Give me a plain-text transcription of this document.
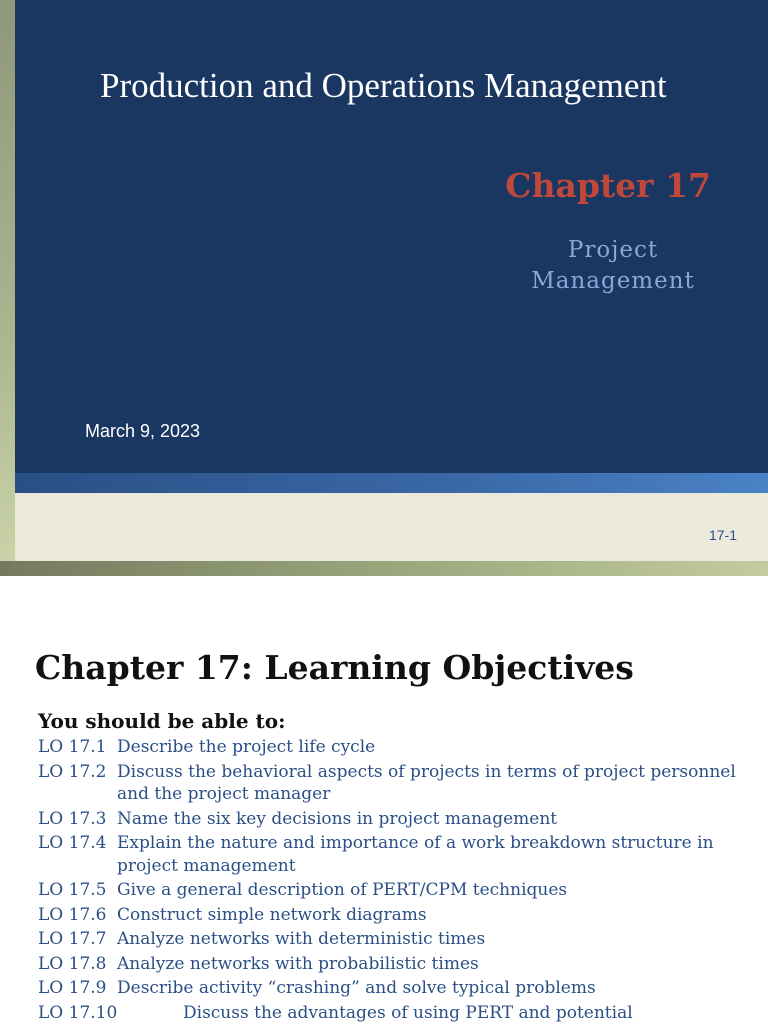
Production and Operations Management
Chapter 17
Project
Management
March 9, 2023
17-1
Chapter 17: Learning Objectives
You should be able to:
LO 17.1 Describe the project life cycle
LO 17.2 Discuss the behavioral aspects of projects in terms of project personnel and the project manager
LO 17.3 Name the six key decisions in project management
LO 17.4 Explain the nature and importance of a work breakdown structure in project management
LO 17.5 Give a general description of PERT/CPM techniques
LO 17.6 Construct simple network diagrams
LO 17.7 Analyze networks with deterministic times
LO 17.8 Analyze networks with probabilistic times
LO 17.9 Describe activity “crashing” and solve typical problems
LO 17.10	Discuss the advantages of using PERT and potential
